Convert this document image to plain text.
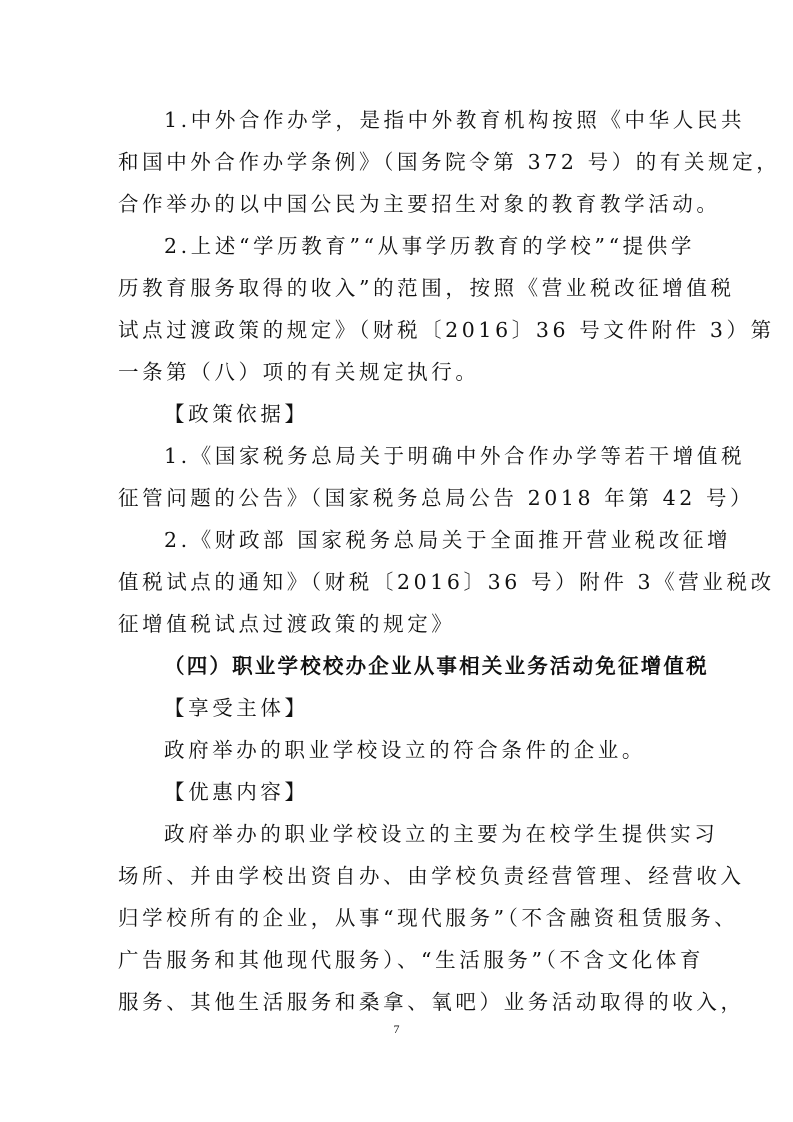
1.中外合作办学，是指中外教育机构按照《中华人民共
和国中外合作办学条例》（国务院令第 372 号）的有关规定，
合作举办的以中国公民为主要招生对象的教育教学活动。
2.上述“学历教育”“从事学历教育的学校”“提供学
历教育服务取得的收入”的范围，按照《营业税改征增值税
试点过渡政策的规定》（财税〔2016〕36 号文件附件 3）第
一条第（八）项的有关规定执行。
【政策依据】
1.《国家税务总局关于明确中外合作办学等若干增值税
征管问题的公告》（国家税务总局公告 2018 年第 42 号）
2.《财政部 国家税务总局关于全面推开营业税改征增
值税试点的通知》（财税〔2016〕36 号）附件 3《营业税改
征增值税试点过渡政策的规定》
（四）职业学校校办企业从事相关业务活动免征增值税
【享受主体】
政府举办的职业学校设立的符合条件的企业。
【优惠内容】
政府举办的职业学校设立的主要为在校学生提供实习
场所、并由学校出资自办、由学校负责经营管理、经营收入
归学校所有的企业，从事“现代服务”（不含融资租赁服务、
广告服务和其他现代服务）、“生活服务”（不含文化体育
服务、其他生活服务和桑拿、氧吧）业务活动取得的收入，
7
